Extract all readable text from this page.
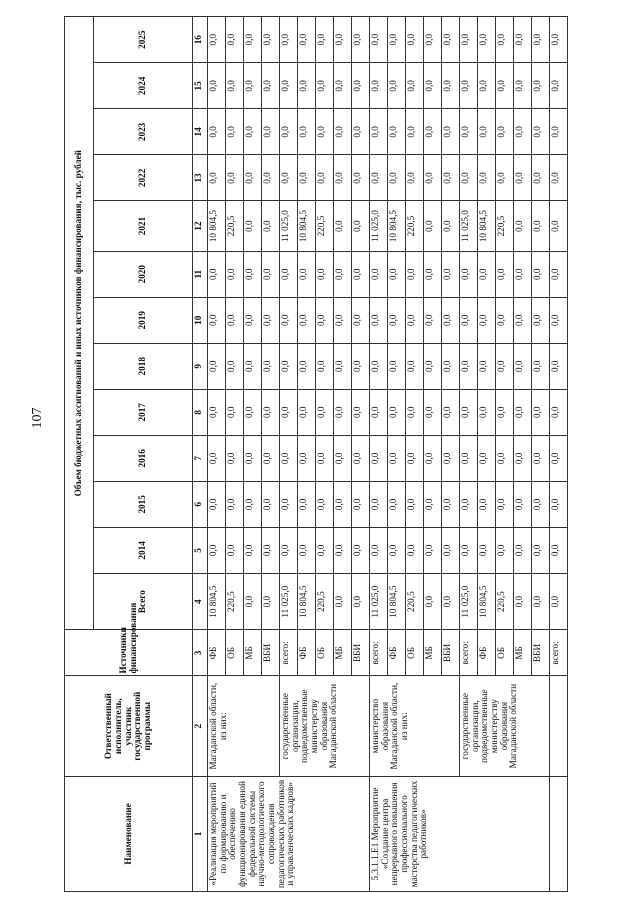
107
Наименование	Ответственный исполнитель, участник государственной программы	Источники финансирования	Объем бюджетных ассигнований и иных источников финансирования, тыс. рублей												
			Всего	2014	2015	2016	2017	2018	2019	2020	2021	2022	2023	2024	2025
1	2	3	4	5	6	7	8	9	10	11	12	13	14	15	16
«Реализация мероприятий по формированию и обеспечению функционирования единой федеральной системы научно-методологического сопровождения педагогических работников и управленческих кадров»	Магаданской области, из них:	ФБ	10 804,5	0,0	0,0	0,0	0,0	0,0	0,0	0,0	10 804,5	0,0	0,0	0,0	0,0
		ОБ	220,5	0,0	0,0	0,0	0,0	0,0	0,0	0,0	220,5	0,0	0,0	0,0	0,0
		МБ	0,0	0,0	0,0	0,0	0,0	0,0	0,0	0,0	0,0	0,0	0,0	0,0	0,0
		ВБИ	0,0	0,0	0,0	0,0	0,0	0,0	0,0	0,0	0,0	0,0	0,0	0,0	0,0
	государственные организации, подведомственные министерству образования Магаданской области	всего:	11 025,0	0,0	0,0	0,0	0,0	0,0	0,0	0,0	11 025,0	0,0	0,0	0,0	0,0
		ФБ	10 804,5	0,0	0,0	0,0	0,0	0,0	0,0	0,0	10 804,5	0,0	0,0	0,0	0,0
		ОБ	220,5	0,0	0,0	0,0	0,0	0,0	0,0	0,0	220,5	0,0	0,0	0,0	0,0
		МБ	0,0	0,0	0,0	0,0	0,0	0,0	0,0	0,0	0,0	0,0	0,0	0,0	0,0
		ВБИ	0,0	0,0	0,0	0,0	0,0	0,0	0,0	0,0	0,0	0,0	0,0	0,0	0,0
5.3.1.1.Е1 Мероприятие «Создание центра непрерывного повышения профессионального мастерства педагогических работников»	министерство образования Магаданской области, из них:	всего:	11 025,0	0,0	0,0	0,0	0,0	0,0	0,0	0,0	11 025,0	0,0	0,0	0,0	0,0
		ФБ	10 804,5	0,0	0,0	0,0	0,0	0,0	0,0	0,0	10 804,5	0,0	0,0	0,0	0,0
		ОБ	220,5	0,0	0,0	0,0	0,0	0,0	0,0	0,0	220,5	0,0	0,0	0,0	0,0
		МБ	0,0	0,0	0,0	0,0	0,0	0,0	0,0	0,0	0,0	0,0	0,0	0,0	0,0
		ВБИ	0,0	0,0	0,0	0,0	0,0	0,0	0,0	0,0	0,0	0,0	0,0	0,0	0,0
	государственные организации, подведомственные министерству образования Магаданской области	всего:	11 025,0	0,0	0,0	0,0	0,0	0,0	0,0	0,0	11 025,0	0,0	0,0	0,0	0,0
		ФБ	10 804,5	0,0	0,0	0,0	0,0	0,0	0,0	0,0	10 804,5	0,0	0,0	0,0	0,0
		ОБ	220,5	0,0	0,0	0,0	0,0	0,0	0,0	0,0	220,5	0,0	0,0	0,0	0,0
		МБ	0,0	0,0	0,0	0,0	0,0	0,0	0,0	0,0	0,0	0,0	0,0	0,0	0,0
		ВБИ	0,0	0,0	0,0	0,0	0,0	0,0	0,0	0,0	0,0	0,0	0,0	0,0	0,0
		всего:	0,0	0,0	0,0	0,0	0,0	0,0	0,0	0,0	0,0	0,0	0,0	0,0	0,0
